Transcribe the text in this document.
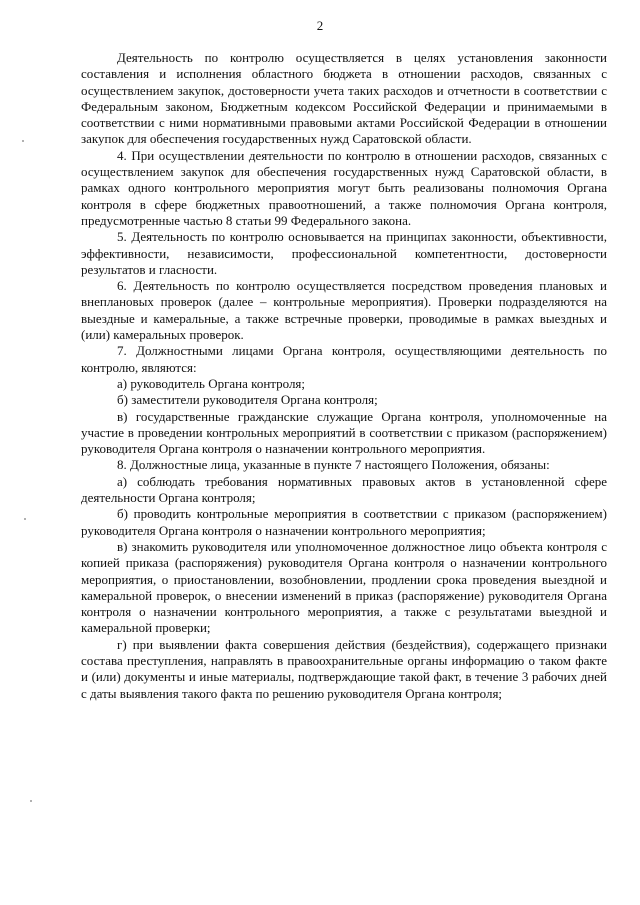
2

Деятельность по контролю осуществляется в целях установления законности составления и исполнения областного бюджета в отношении расходов, связанных с осуществлением закупок, достоверности учета таких расходов и отчетности в соответствии с Федеральным законом, Бюджетным кодексом Российской Федерации и принимаемыми в соответствии с ними нормативными правовыми актами Российской Федерации в отношении закупок для обеспечения государственных нужд Саратовской области.

4. При осуществлении деятельности по контролю в отношении расходов, связанных с осуществлением закупок для обеспечения государственных нужд Саратовской области, в рамках одного контрольного мероприятия могут быть реализованы полномочия Органа контроля в сфере бюджетных правоотношений, а также полномочия Органа контроля, предусмотренные частью 8 статьи 99 Федерального закона.

5. Деятельность по контролю основывается на принципах законности, объективности, эффективности, независимости, профессиональной компетентности, достоверности результатов и гласности.

6. Деятельность по контролю осуществляется посредством проведения плановых и внеплановых проверок (далее – контрольные мероприятия). Проверки подразделяются на выездные и камеральные, а также встречные проверки, проводимые в рамках выездных и (или) камеральных проверок.

7. Должностными лицами Органа контроля, осуществляющими деятельность по контролю, являются:

а) руководитель Органа контроля;

б) заместители руководителя Органа контроля;

в) государственные гражданские служащие Органа контроля, уполномоченные на участие в проведении контрольных мероприятий в соответствии с приказом (распоряжением) руководителя Органа контроля о назначении контрольного мероприятия.

8. Должностные лица, указанные в пункте 7 настоящего Положения, обязаны:

а) соблюдать требования нормативных правовых актов в установленной сфере деятельности Органа контроля;

б) проводить контрольные мероприятия в соответствии с приказом (распоряжением) руководителя Органа контроля о назначении контрольного мероприятия;

в) знакомить руководителя или уполномоченное должностное лицо объекта контроля с копией приказа (распоряжения) руководителя Органа контроля о назначении контрольного мероприятия, о приостановлении, возобновлении, продлении срока проведения выездной и камеральной проверок, о внесении изменений в приказ (распоряжение) руководителя Органа контроля о назначении контрольного мероприятия, а также с результатами выездной и камеральной проверки;

г) при выявлении факта совершения действия (бездействия), содержащего признаки состава преступления, направлять в правоохранительные органы информацию о таком факте и (или) документы и иные материалы, подтверждающие такой факт, в течение 3 рабочих дней с даты выявления такого факта по решению руководителя Органа контроля;
